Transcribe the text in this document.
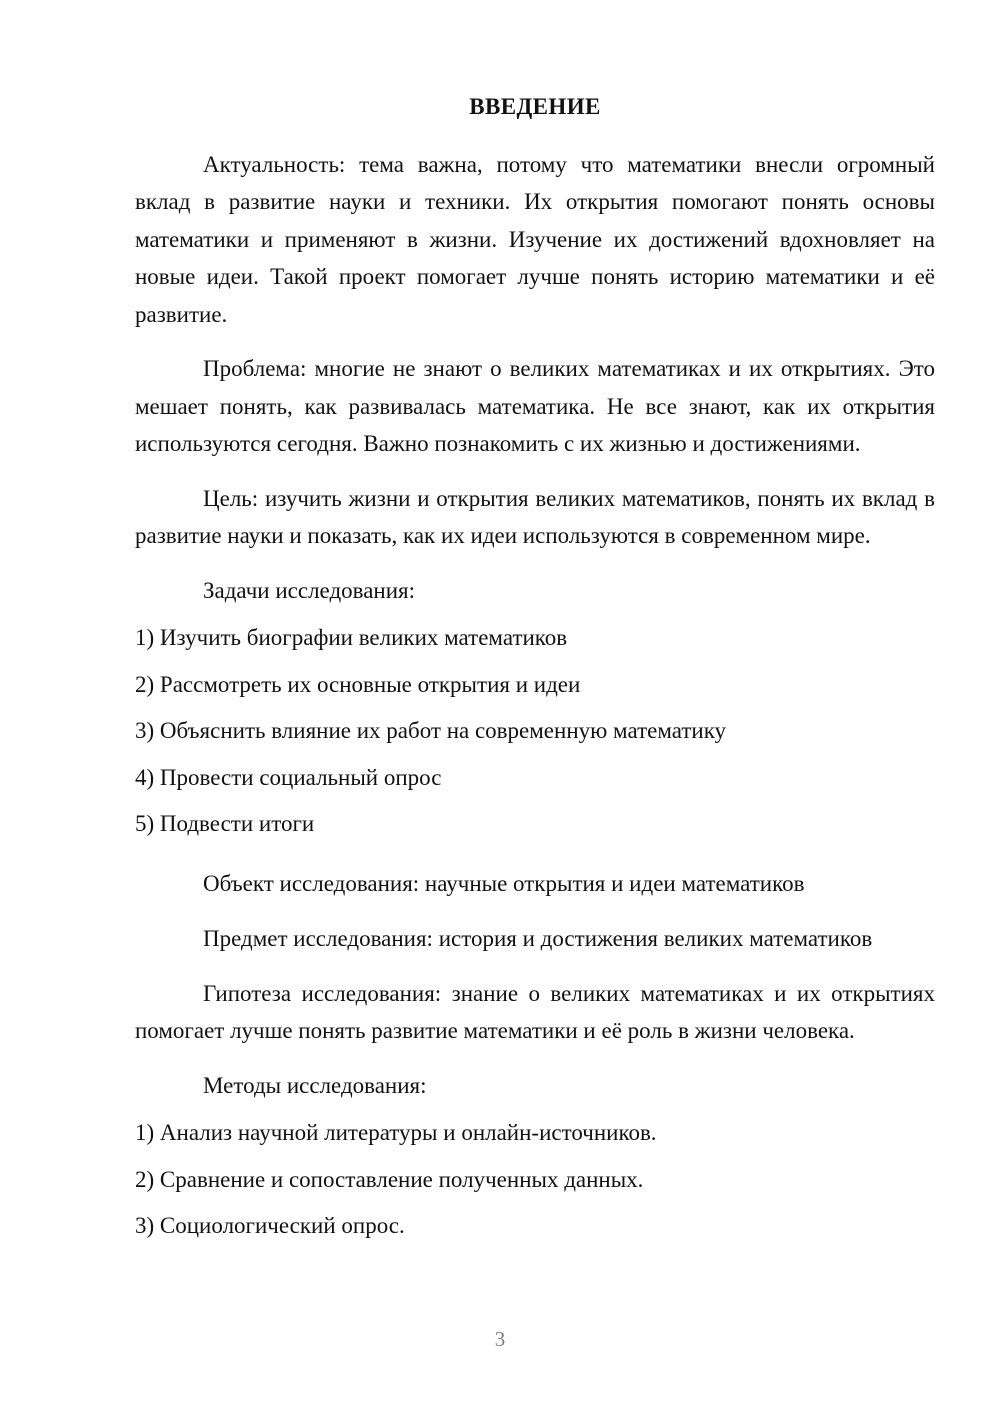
ВВЕДЕНИЕ

Актуальность: тема важна, потому что математики внесли огромный вклад в развитие науки и техники. Их открытия помогают понять основы математики и применяют в жизни. Изучение их достижений вдохновляет на новые идеи. Такой проект помогает лучше понять историю математики и её развитие.

Проблема: многие не знают о великих математиках и их открытиях. Это мешает понять, как развивалась математика. Не все знают, как их открытия используются сегодня. Важно познакомить с их жизнью и достижениями.

Цель: изучить жизни и открытия великих математиков, понять их вклад в развитие науки и показать, как их идеи используются в современном мире.

Задачи исследования:

1) Изучить биографии великих математиков
2) Рассмотреть их основные открытия и идеи
3) Объяснить влияние их работ на современную математику
4) Провести социальный опрос
5) Подвести итоги

Объект исследования: научные открытия и идеи математиков

Предмет исследования: история и достижения великих математиков

Гипотеза исследования: знание о великих математиках и их открытиях помогает лучше понять развитие математики и её роль в жизни человека.

Методы исследования:

1) Анализ научной литературы и онлайн-источников.
2) Сравнение и сопоставление полученных данных.
3) Социологический опрос.
3
